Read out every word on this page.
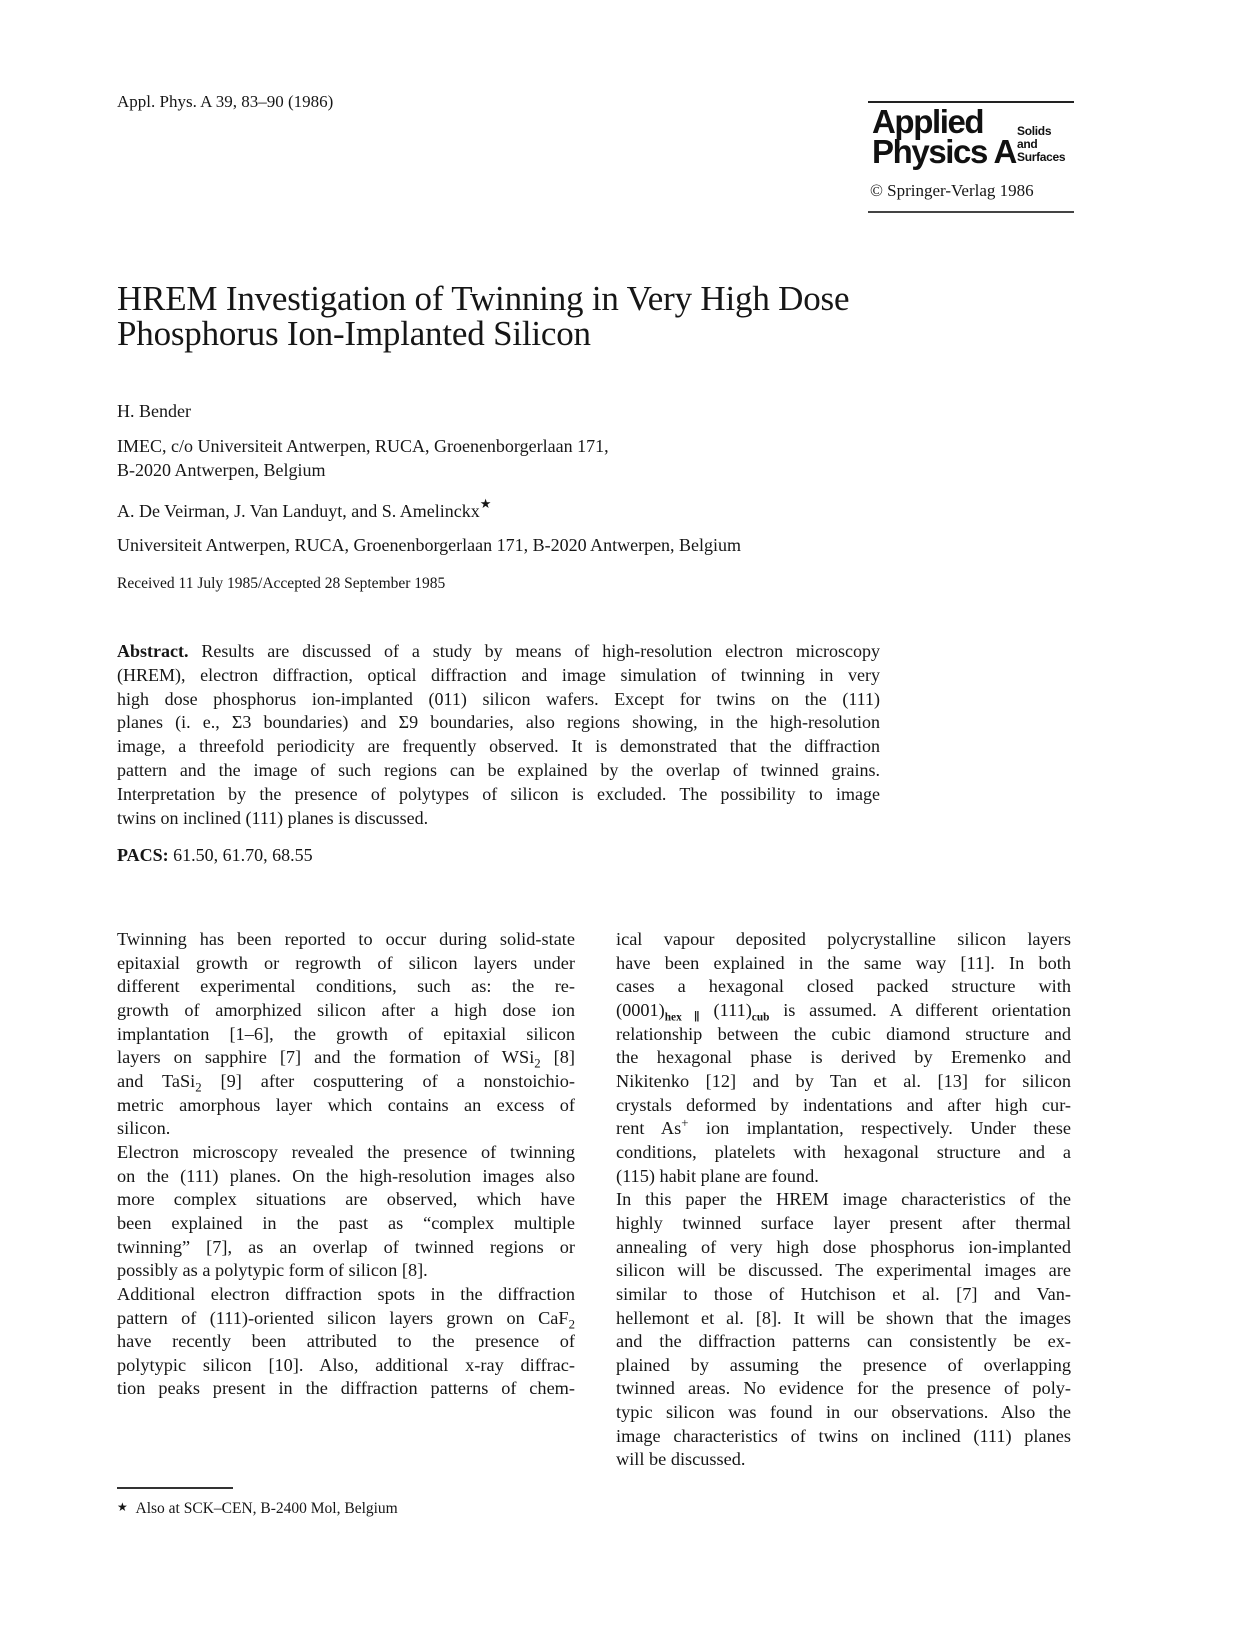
Appl. Phys. A 39, 83–90 (1986)
Applied
Physics A
Solids
and
Surfaces
© Springer-Verlag 1986
HREM Investigation of Twinning in Very High Dose
Phosphorus Ion-Implanted Silicon
H. Bender
IMEC, c/o Universiteit Antwerpen, RUCA, Groenenborgerlaan 171,
B-2020 Antwerpen, Belgium
A. De Veirman, J. Van Landuyt, and S. Amelinckx★
Universiteit Antwerpen, RUCA, Groenenborgerlaan 171, B-2020 Antwerpen, Belgium
Received 11 July 1985/Accepted 28 September 1985
Abstract. Results are discussed of a study by means of high-resolution electron microscopy
(HREM), electron diffraction, optical diffraction and image simulation of twinning in very
high dose phosphorus ion-implanted (011) silicon wafers. Except for twins on the (111)
planes (i. e., Σ3 boundaries) and Σ9 boundaries, also regions showing, in the high-resolution
image, a threefold periodicity are frequently observed. It is demonstrated that the diffraction
pattern and the image of such regions can be explained by the overlap of twinned grains.
Interpretation by the presence of polytypes of silicon is excluded. The possibility to image
twins on inclined (111) planes is discussed.
PACS: 61.50, 61.70, 68.55
Twinning has been reported to occur during solid-state
epitaxial growth or regrowth of silicon layers under
different experimental conditions, such as: the re-
growth of amorphized silicon after a high dose ion
implantation [1–6], the growth of epitaxial silicon
layers on sapphire [7] and the formation of WSi$_2$ [8]
and TaSi$_2$ [9] after cosputtering of a nonstoichio-
metric amorphous layer which contains an excess of
silicon.
Electron microscopy revealed the presence of twinning
on the (111) planes. On the high-resolution images also
more complex situations are observed, which have
been explained in the past as “complex multiple
twinning” [7], as an overlap of twinned regions or
possibly as a polytypic form of silicon [8].
Additional electron diffraction spots in the diffraction
pattern of (111)-oriented silicon layers grown on CaF$_2$
have recently been attributed to the presence of
polytypic silicon [10]. Also, additional x-ray diffrac-
tion peaks present in the diffraction patterns of chem-
ical vapour deposited polycrystalline silicon layers
have been explained in the same way [11]. In both
cases a hexagonal closed packed structure with
$(0001)_{hex \parallel}$ $(111)_{cub}$ is assumed. A different orientation
relationship between the cubic diamond structure and
the hexagonal phase is derived by Eremenko and
Nikitenko [12] and by Tan et al. [13] for silicon
crystals deformed by indentations and after high cur-
rent As+ ion implantation, respectively. Under these
conditions, platelets with hexagonal structure and a
(115) habit plane are found.
In this paper the HREM image characteristics of the
highly twinned surface layer present after thermal
annealing of very high dose phosphorus ion-implanted
silicon will be discussed. The experimental images are
similar to those of Hutchison et al. [7] and Van-
hellemont et al. [8]. It will be shown that the images
and the diffraction patterns can consistently be ex-
plained by assuming the presence of overlapping
twinned areas. No evidence for the presence of poly-
typic silicon was found in our observations. Also the
image characteristics of twins on inclined (111) planes
will be discussed.
★ Also at SCK–CEN, B-2400 Mol, Belgium
